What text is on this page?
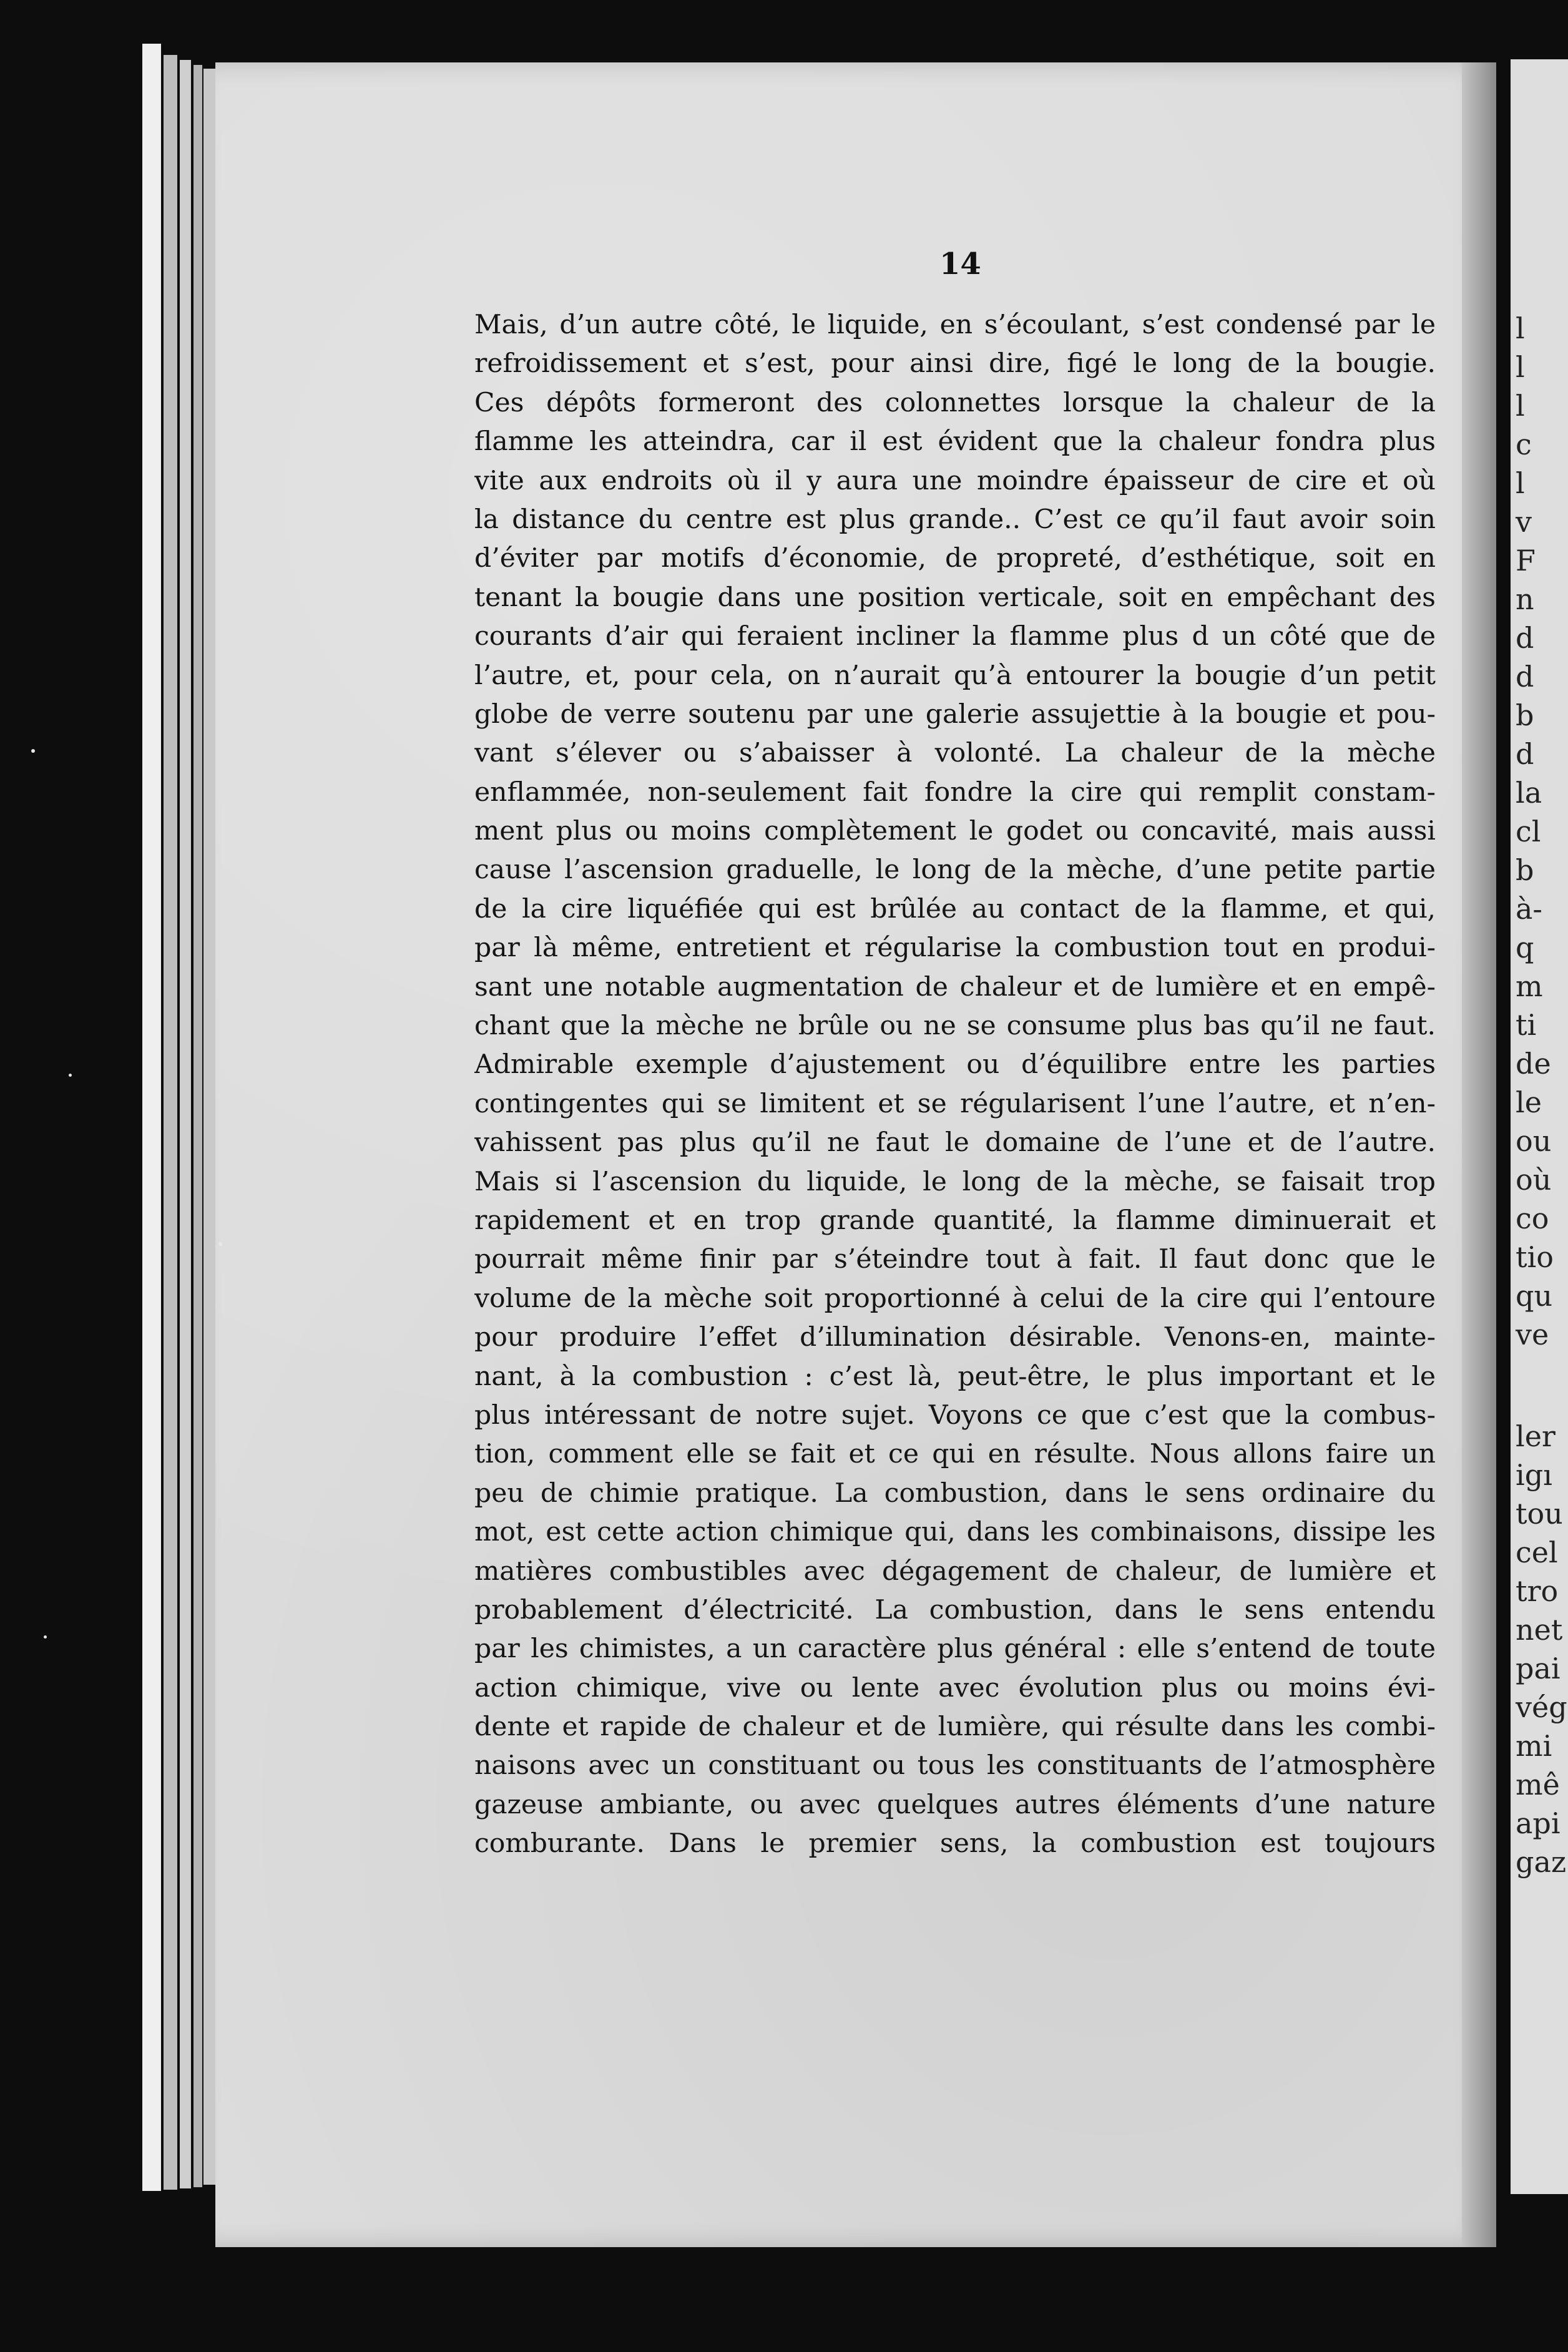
l
l
l
c
l
v
F
n
d
d
b
d
la
cl
b
à-
q
m
ti
de
le
ou
où
co
tio
qu
ve
ler
igı
tou
cel
tro
net
pai
vég
mi
mê
api
gaz
14
Mais, d’un autre côté, le liquide, en s’écoulant, s’est condensé par le
refroidissement et s’est, pour ainsi dire, figé le long de la bougie.
Ces dépôts formeront des colonnettes lorsque la chaleur de la
flamme les atteindra, car il est évident que la chaleur fondra plus
vite aux endroits où il y aura une moindre épaisseur de cire et où
la distance du centre est plus grande.. C’est ce qu’il faut avoir soin
d’éviter par motifs d’économie, de propreté, d’esthétique, soit en
tenant la bougie dans une position verticale, soit en empêchant des
courants d’air qui feraient incliner la flamme plus d un côté que de
l’autre, et, pour cela, on n’aurait qu’à entourer la bougie d’un petit
globe de verre soutenu par une galerie assujettie à la bougie et pou-
vant s’élever ou s’abaisser à volonté. La chaleur de la mèche
enflammée, non-seulement fait fondre la cire qui remplit constam-
ment plus ou moins complètement le godet ou concavité, mais aussi
cause l’ascension graduelle, le long de la mèche, d’une petite partie
de la cire liquéfiée qui est brûlée au contact de la flamme, et qui,
par là même, entretient et régularise la combustion tout en produi-
sant une notable augmentation de chaleur et de lumière et en empê-
chant que la mèche ne brûle ou ne se consume plus bas qu’il ne faut.
Admirable exemple d’ajustement ou d’équilibre entre les parties
contingentes qui se limitent et se régularisent l’une l’autre, et n’en-
vahissent pas plus qu’il ne faut le domaine de l’une et de l’autre.
Mais si l’ascension du liquide, le long de la mèche, se faisait trop
rapidement et en trop grande quantité, la flamme diminuerait et
pourrait même finir par s’éteindre tout à fait. Il faut donc que le
volume de la mèche soit proportionné à celui de la cire qui l’entoure
pour produire l’effet d’illumination désirable. Venons-en, mainte-
nant, à la combustion : c’est là, peut-être, le plus important et le
plus intéressant de notre sujet. Voyons ce que c’est que la combus-
tion, comment elle se fait et ce qui en résulte. Nous allons faire un
peu de chimie pratique. La combustion, dans le sens ordinaire du
mot, est cette action chimique qui, dans les combinaisons, dissipe les
matières combustibles avec dégagement de chaleur, de lumière et
probablement d’électricité. La combustion, dans le sens entendu
par les chimistes, a un caractère plus général : elle s’entend de toute
action chimique, vive ou lente avec évolution plus ou moins évi-
dente et rapide de chaleur et de lumière, qui résulte dans les combi-
naisons avec un constituant ou tous les constituants de l’atmosphère
gazeuse ambiante, ou avec quelques autres éléments d’une nature
comburante. Dans le premier sens, la combustion est toujours
